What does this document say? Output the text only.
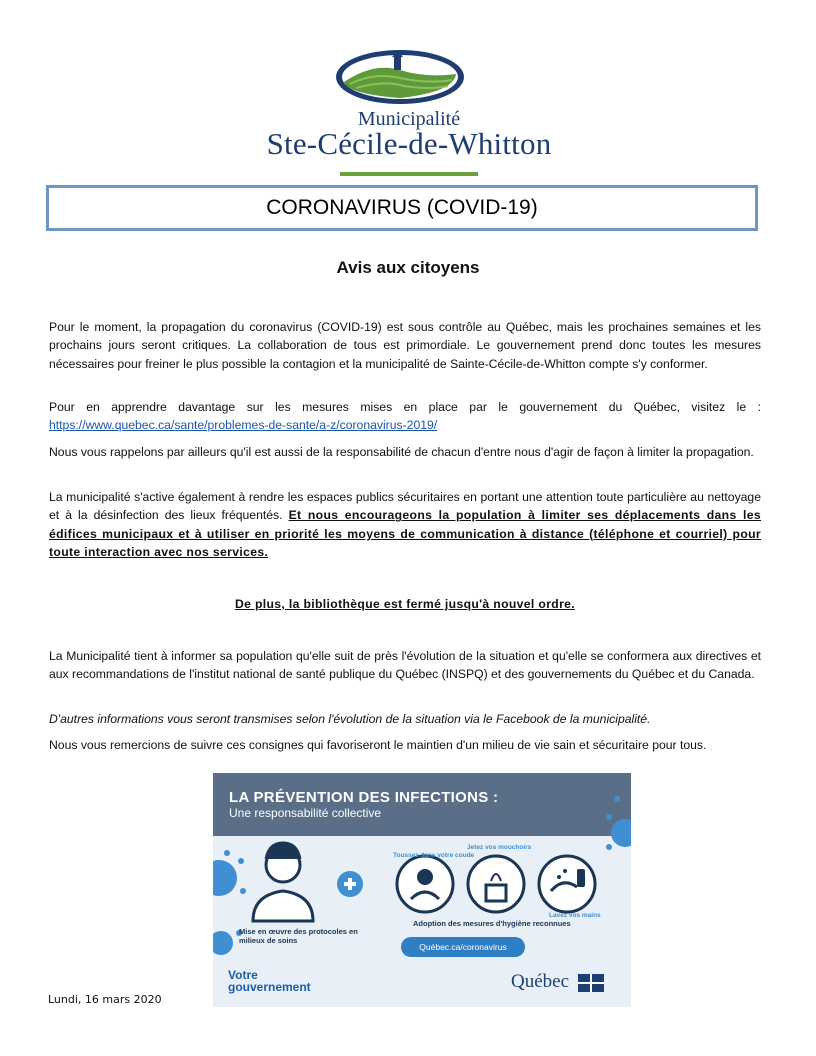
Municipalité
Ste-Cécile-de-Whitton
CORONAVIRUS (COVID-19)
Avis aux citoyens

Pour le moment, la propagation du coronavirus (COVID-19) est sous contrôle au Québec, mais les prochaines semaines et les prochains jours seront critiques. La collaboration de tous est primordiale. Le gouvernement prend donc toutes les mesures nécessaires pour freiner le plus possible la contagion et la municipalité de Sainte-Cécile-de-Whitton compte s'y conformer.

Pour en apprendre davantage sur les mesures mises en place par le gouvernement du Québec, visitez le : https://www.quebec.ca/sante/problemes-de-sante/a-z/coronavirus-2019/

Nous vous rappelons par ailleurs qu'il est aussi de la responsabilité de chacun d'entre nous d'agir de façon à limiter la propagation.

La municipalité s'active également à rendre les espaces publics sécuritaires en portant une attention toute particulière au nettoyage et à la désinfection des lieux fréquentés. Et nous encourageons la population à limiter ses déplacements dans les édifices municipaux et à utiliser en priorité les moyens de communication à distance (téléphone et courriel) pour toute interaction avec nos services.

De plus, la bibliothèque est fermé jusqu'à nouvel ordre.

La Municipalité tient à informer sa population qu'elle suit de près l'évolution de la situation et qu'elle se conformera aux directives et aux recommandations de l'institut national de santé publique du Québec (INSPQ) et des gouvernements du Québec et du Canada.

D'autres informations vous seront transmises selon l'évolution de la situation via le Facebook de la municipalité.

Nous vous remercions de suivre ces consignes qui favoriseront le maintien d'un milieu de vie sain et sécuritaire pour tous.

LA PRÉVENTION DES INFECTIONS :
Une responsabilité collective
Mise en œuvre des protocoles en milieux de soins
Adoption des mesures d'hygiène reconnues
Toussez dans votre coude
Jetez vos mouchoirs
Lavez vos mains
Québec.ca/coronavirus
Votre
gouvernement	Québec
Lundi, 16 mars 2020
